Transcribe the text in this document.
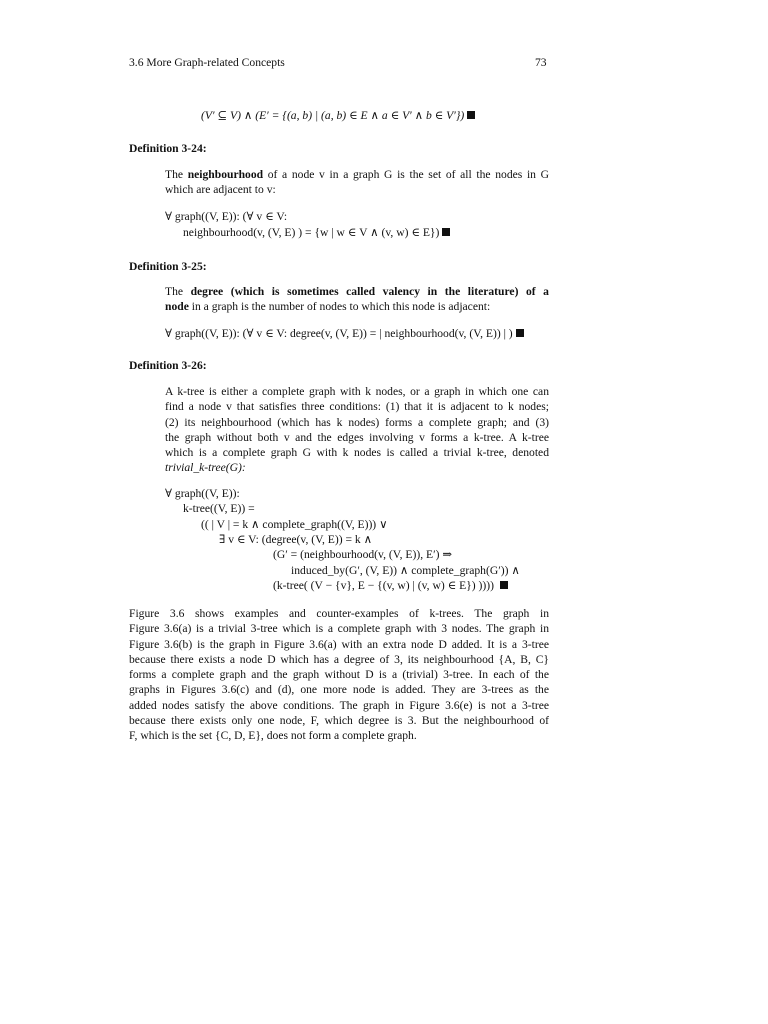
3.6 More Graph-related Concepts	73
(V′ ⊆ V) ∧ (E′ = {(a, b) | (a, b) ∈ E ∧ a ∈ V′ ∧ b ∈ V′})
Definition 3-24:
The neighbourhood of a node v in a graph G is the set of all the nodes in G
which are adjacent to v:
∀ graph((V, E)): (∀ v ∈ V:
neighbourhood(v, (V, E) ) = {w | w ∈ V ∧ (v, w) ∈ E})
Definition 3-25:
The degree (which is sometimes called valency in the literature) of a
node in a graph is the number of nodes to which this node is adjacent:
∀ graph((V, E)): (∀ v ∈ V: degree(v, (V, E)) = | neighbourhood(v, (V, E)) | )
Definition 3-26:
A k-tree is either a complete graph with k nodes, or a graph in which one can
find a node v that satisfies three conditions: (1) that it is adjacent to k nodes;
(2) its neighbourhood (which has k nodes) forms a complete graph; and (3)
the graph without both v and the edges involving v forms a k-tree. A k-tree
which is a complete graph G with k nodes is called a trivial k-tree, denoted
trivial_k-tree(G):
∀ graph((V, E)):
k-tree((V, E)) =
(( | V | = k ∧ complete_graph((V, E))) ∨
∃ v ∈ V: (degree(v, (V, E)) = k ∧
(G′ = (neighbourhood(v, (V, E)), E′) ⇒
induced_by(G′, (V, E)) ∧ complete_graph(G′)) ∧
(k-tree( (V − {v}, E − {(v, w) | (v, w) ∈ E}) ))))
Figure 3.6 shows examples and counter-examples of k-trees. The graph in
Figure 3.6(a) is a trivial 3-tree which is a complete graph with 3 nodes. The graph in
Figure 3.6(b) is the graph in Figure 3.6(a) with an extra node D added. It is a 3-tree
because there exists a node D which has a degree of 3, its neighbourhood {A, B, C}
forms a complete graph and the graph without D is a (trivial) 3-tree. In each of the
graphs in Figures 3.6(c) and (d), one more node is added. They are 3-trees as the
added nodes satisfy the above conditions. The graph in Figure 3.6(e) is not a 3-tree
because there exists only one node, F, which degree is 3. But the neighbourhood of
F, which is the set {C, D, E}, does not form a complete graph.
